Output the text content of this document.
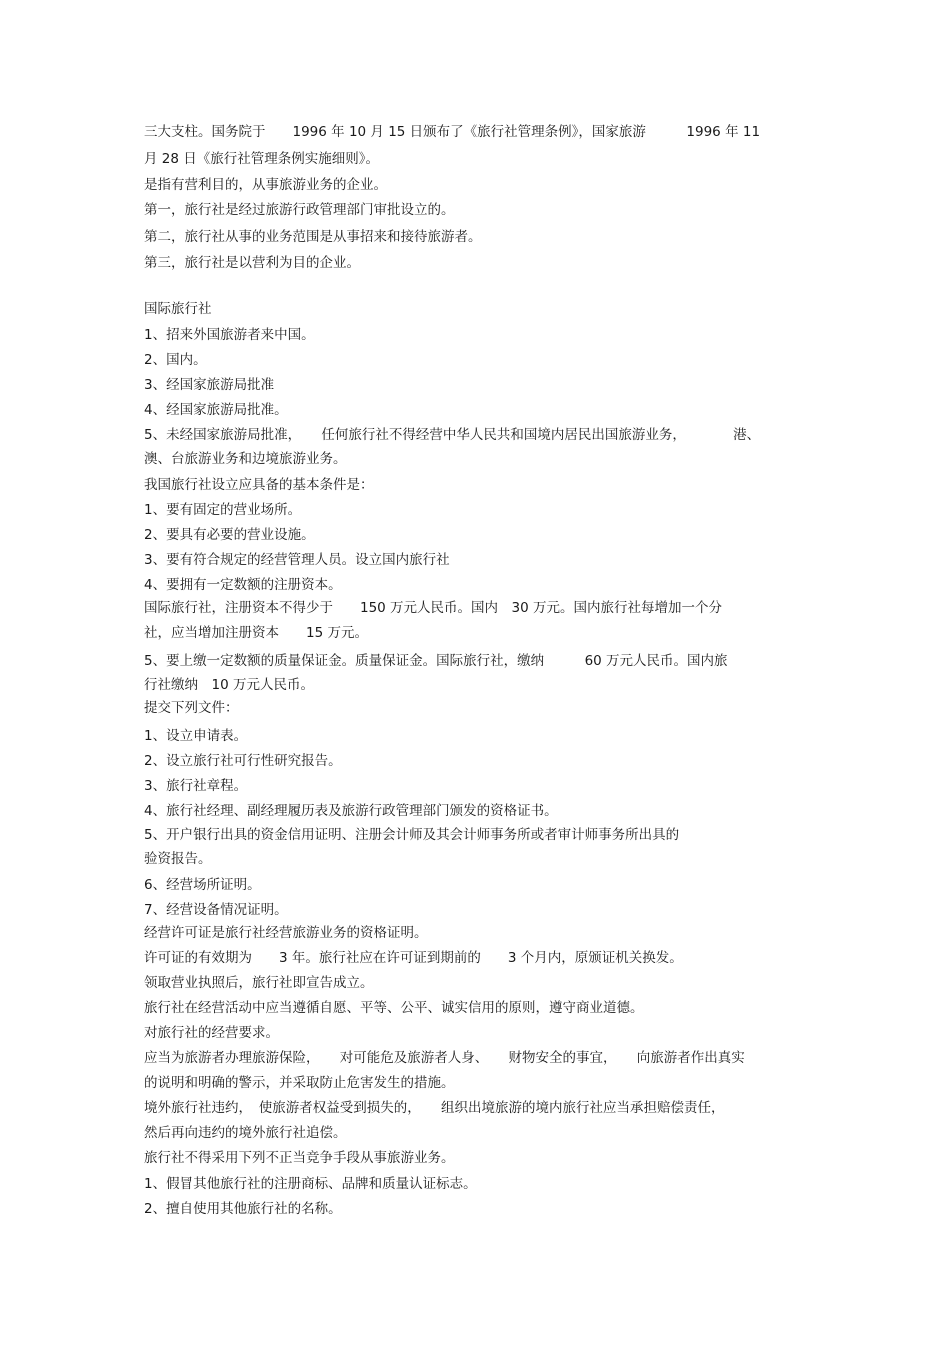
三大支柱。国务院于　　1996 年 10 月 15 日颁布了《旅行社管理条例》，国家旅游　　　1996 年 11

月 28 日《旅行社管理条例实施细则》。

是指有营利目的，从事旅游业务的企业。

第一，旅行社是经过旅游行政管理部门审批设立的。

第二，旅行社从事的业务范围是从事招来和接待旅游者。

第三，旅行社是以营利为目的企业。

国际旅行社

1、招来外国旅游者来中国。

2、国内。

3、经国家旅游局批准

4、经国家旅游局批准。

5、未经国家旅游局批准，　　任何旅行社不得经营中华人民共和国境内居民出国旅游业务，　　　　港、

澳、台旅游业务和边境旅游业务。

我国旅行社设立应具备的基本条件是：

1、要有固定的营业场所。

2、要具有必要的营业设施。

3、要有符合规定的经营管理人员。设立国内旅行社

4、要拥有一定数额的注册资本。

国际旅行社，注册资本不得少于　　150 万元人民币。国内　30 万元。国内旅行社每增加一个分

社，应当增加注册资本　　15 万元。

5、要上缴一定数额的质量保证金。质量保证金。国际旅行社，缴纳　　　60 万元人民币。国内旅

行社缴纳　10 万元人民币。

提交下列文件：

1、设立申请表。

2、设立旅行社可行性研究报告。

3、旅行社章程。

4、旅行社经理、副经理履历表及旅游行政管理部门颁发的资格证书。

5、开户银行出具的资金信用证明、注册会计师及其会计师事务所或者审计师事务所出具的

验资报告。

6、经营场所证明。

7、经营设备情况证明。

经营许可证是旅行社经营旅游业务的资格证明。

许可证的有效期为　　3 年。旅行社应在许可证到期前的　　3 个月内，原颁证机关换发。

领取营业执照后，旅行社即宣告成立。

旅行社在经营活动中应当遵循自愿、平等、公平、诚实信用的原则，遵守商业道德。

对旅行社的经营要求。

应当为旅游者办理旅游保险，　　对可能危及旅游者人身、　　财物安全的事宜，　　向旅游者作出真实

的说明和明确的警示，并采取防止危害发生的措施。

境外旅行社违约，　使旅游者权益受到损失的，　　组织出境旅游的境内旅行社应当承担赔偿责任，

然后再向违约的境外旅行社追偿。

旅行社不得采用下列不正当竞争手段从事旅游业务。

1、假冒其他旅行社的注册商标、品牌和质量认证标志。

2、擅自使用其他旅行社的名称。
